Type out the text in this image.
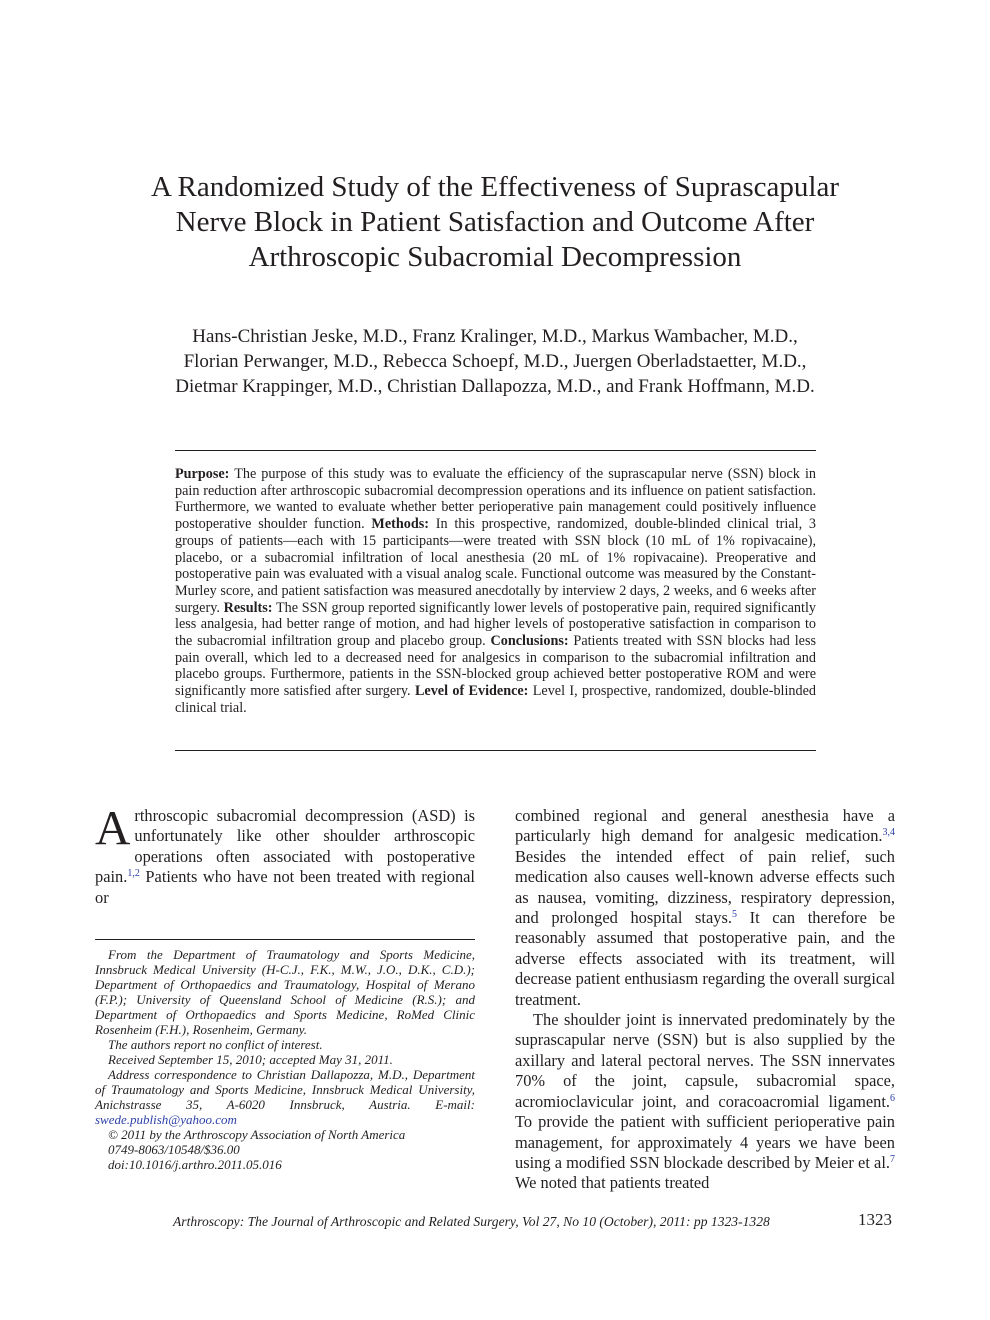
A Randomized Study of the Effectiveness of Suprascapular
Nerve Block in Patient Satisfaction and Outcome After
Arthroscopic Subacromial Decompression

Hans-Christian Jeske, M.D., Franz Kralinger, M.D., Markus Wambacher, M.D.,
Florian Perwanger, M.D., Rebecca Schoepf, M.D., Juergen Oberladstaetter, M.D.,
Dietmar Krappinger, M.D., Christian Dallapozza, M.D., and Frank Hoffmann, M.D.

Purpose: The purpose of this study was to evaluate the efficiency of the suprascapular nerve (SSN) block in pain reduction after arthroscopic subacromial decompression operations and its influence on patient satisfaction. Furthermore, we wanted to evaluate whether better perioperative pain management could positively influence postoperative shoulder function. Methods: In this prospective, randomized, double-blinded clinical trial, 3 groups of patients—each with 15 participants—were treated with SSN block (10 mL of 1% ropivacaine), placebo, or a subacromial infiltration of local anesthesia (20 mL of 1% ropivacaine). Preoperative and postoperative pain was evaluated with a visual analog scale. Functional outcome was measured by the Constant-Murley score, and patient satisfaction was measured anecdotally by interview 2 days, 2 weeks, and 6 weeks after surgery. Results: The SSN group reported significantly lower levels of postoperative pain, required significantly less analgesia, had better range of motion, and had higher levels of postoperative satisfaction in comparison to the subacromial infiltration group and placebo group. Conclusions: Patients treated with SSN blocks had less pain overall, which led to a decreased need for analgesics in comparison to the subacromial infiltration and placebo groups. Furthermore, patients in the SSN-blocked group achieved better postoperative ROM and were significantly more satisfied after surgery. Level of Evidence: Level I, prospective, randomized, double-blinded clinical trial.

Arthroscopic subacromial decompression (ASD) is unfortunately like other shoulder arthroscopic operations often associated with postoperative pain.$^{1,2}$ Patients who have not been treated with regional or

From the Department of Traumatology and Sports Medicine, Innsbruck Medical University (H-C.J., F.K., M.W., J.O., D.K., C.D.); Department of Orthopaedics and Traumatology, Hospital of Merano (F.P.); University of Queensland School of Medicine (R.S.); and Department of Orthopaedics and Sports Medicine, RoMed Clinic Rosenheim (F.H.), Rosenheim, Germany.

The authors report no conflict of interest.

Received September 15, 2010; accepted May 31, 2011.

Address correspondence to Christian Dallapozza, M.D., Department of Traumatology and Sports Medicine, Innsbruck Medical University, Anichstrasse 35, A-6020 Innsbruck, Austria. E-mail: swede.publish@yahoo.com

© 2011 by the Arthroscopy Association of North America

0749-8063/10548/$36.00

doi:10.1016/j.arthro.2011.05.016

combined regional and general anesthesia have a particularly high demand for analgesic medication.$^{3,4}$ Besides the intended effect of pain relief, such medication also causes well-known adverse effects such as nausea, vomiting, dizziness, respiratory depression, and prolonged hospital stays.$^5$ It can therefore be reasonably assumed that postoperative pain, and the adverse effects associated with its treatment, will decrease patient enthusiasm regarding the overall surgical treatment.

The shoulder joint is innervated predominately by the suprascapular nerve (SSN) but is also supplied by the axillary and lateral pectoral nerves. The SSN innervates 70% of the joint, capsule, subacromial space, acromioclavicular joint, and coracoacromial ligament.$^6$ To provide the patient with sufficient perioperative pain management, for approximately 4 years we have been using a modified SSN blockade described by Meier et al.$^7$ We noted that patients treated

Arthroscopy: The Journal of Arthroscopic and Related Surgery, Vol 27, No 10 (October), 2011: pp 1323-1328	1323
